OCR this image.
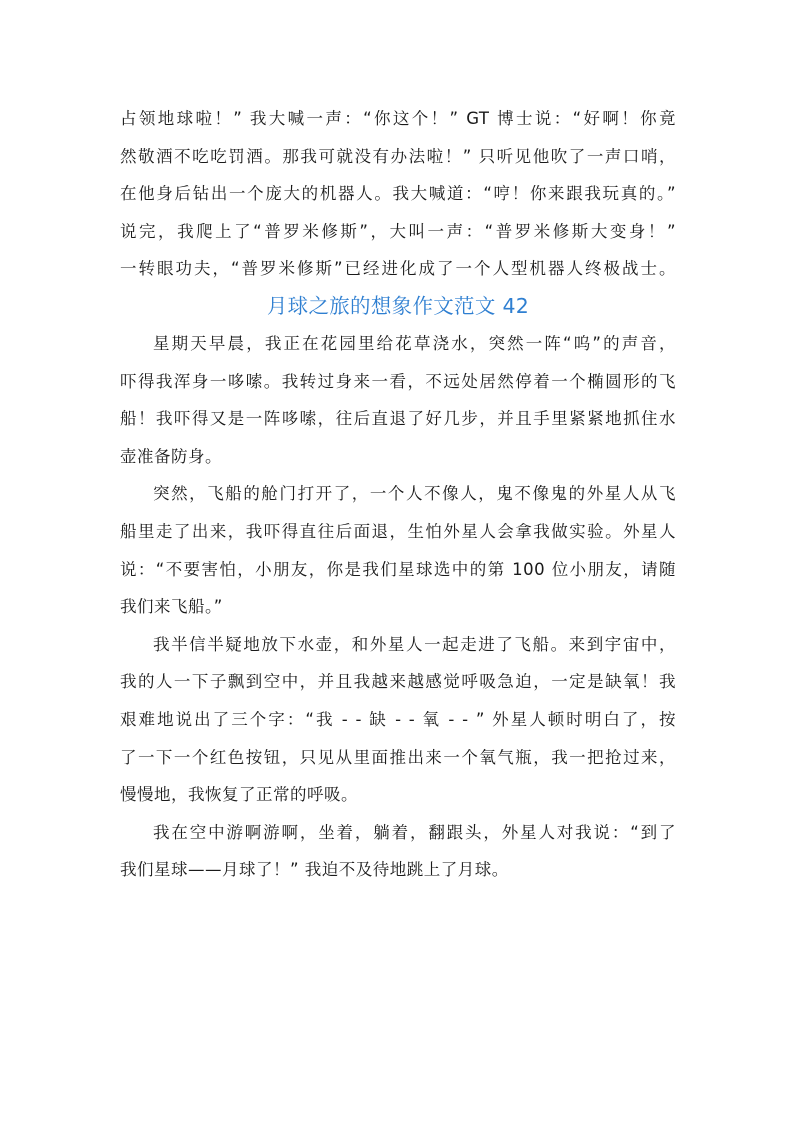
占领地球啦！” 我大喊一声：“你这个！” GT 博士说：“好啊！你竟
然敬酒不吃吃罚酒。那我可就没有办法啦！” 只听见他吹了一声口哨，
在他身后钻出一个庞大的机器人。我大喊道：“哼！你来跟我玩真的。”
说完，我爬上了“普罗米修斯”，大叫一声：“普罗米修斯大变身！”
一转眼功夫，“普罗米修斯”已经进化成了一个人型机器人终极战士。
月球之旅的想象作文范文 42
星期天早晨，我正在花园里给花草浇水，突然一阵“呜”的声音，
吓得我浑身一哆嗦。我转过身来一看，不远处居然停着一个椭圆形的飞
船！我吓得又是一阵哆嗦，往后直退了好几步，并且手里紧紧地抓住水
壶准备防身。
突然，飞船的舱门打开了，一个人不像人，鬼不像鬼的外星人从飞
船里走了出来，我吓得直往后面退，生怕外星人会拿我做实验。外星人
说：“不要害怕，小朋友，你是我们星球选中的第 100 位小朋友，请随
我们来飞船。”
我半信半疑地放下水壶，和外星人一起走进了飞船。来到宇宙中，
我的人一下子飘到空中，并且我越来越感觉呼吸急迫，一定是缺氧！我
艰难地说出了三个字：“我 - - 缺 - - 氧 - - ” 外星人顿时明白了，按
了一下一个红色按钮，只见从里面推出来一个氧气瓶，我一把抢过来，
慢慢地，我恢复了正常的呼吸。
我在空中游啊游啊，坐着，躺着，翻跟头，外星人对我说：“到了
我们星球——月球了！” 我迫不及待地跳上了月球。
